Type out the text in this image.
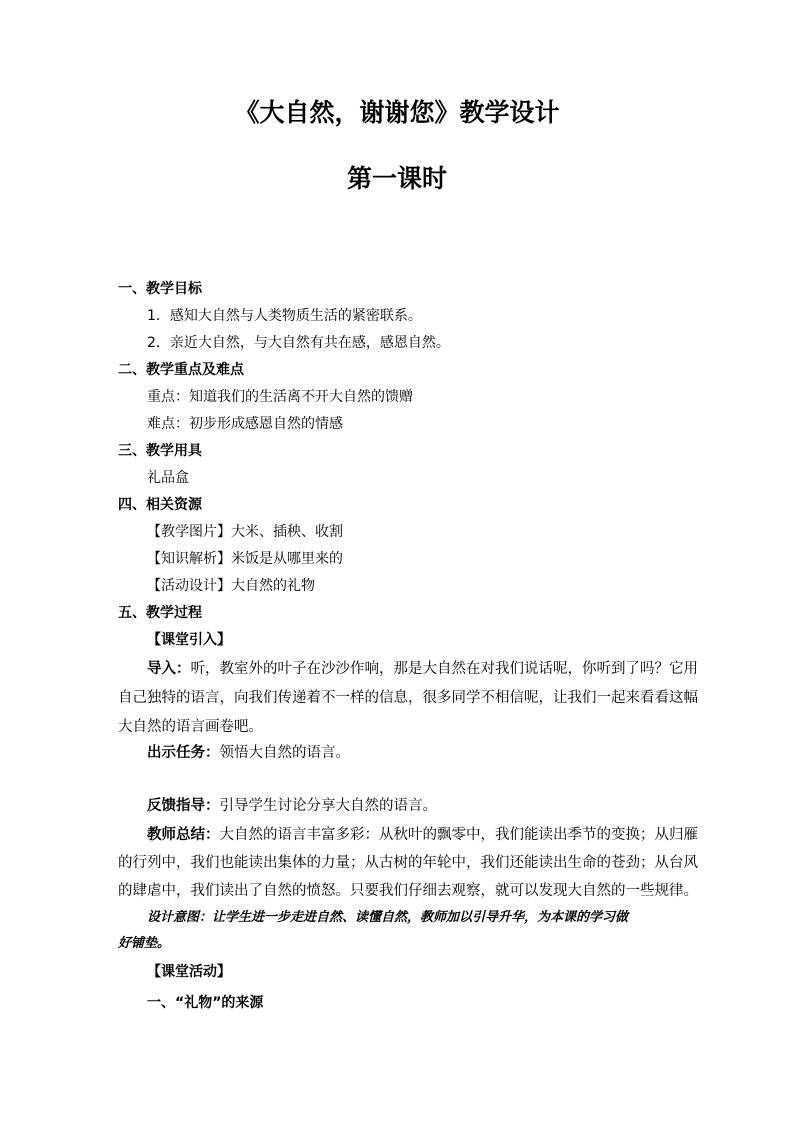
《大自然，谢谢您》教学设计
第一课时
一、教学目标
1．感知大自然与人类物质生活的紧密联系。
2．亲近大自然，与大自然有共在感，感恩自然。
二、教学重点及难点
重点：知道我们的生活离不开大自然的馈赠
难点：初步形成感恩自然的情感
三、教学用具
礼品盒
四、相关资源
【教学图片】大米、插秧、收割
【知识解析】米饭是从哪里来的
【活动设计】大自然的礼物
五、教学过程
【课堂引入】
导入：听，教室外的叶子在沙沙作响，那是大自然在对我们说话呢，你听到了吗？它用
自己独特的语言，向我们传递着不一样的信息，很多同学不相信呢，让我们一起来看看这幅
大自然的语言画卷吧。
出示任务：领悟大自然的语言。
反馈指导：引导学生讨论分享大自然的语言。
教师总结：大自然的语言丰富多彩：从秋叶的飘零中，我们能读出季节的变换；从归雁
的行列中，我们也能读出集体的力量；从古树的年轮中，我们还能读出生命的苍劲；从台风
的肆虐中，我们读出了自然的愤怒。只要我们仔细去观察，就可以发现大自然的一些规律。
设计意图：让学生进一步走进自然、读懂自然，教师加以引导升华，为本课的学习做
好铺垫。
【课堂活动】
一、“礼物”的来源
